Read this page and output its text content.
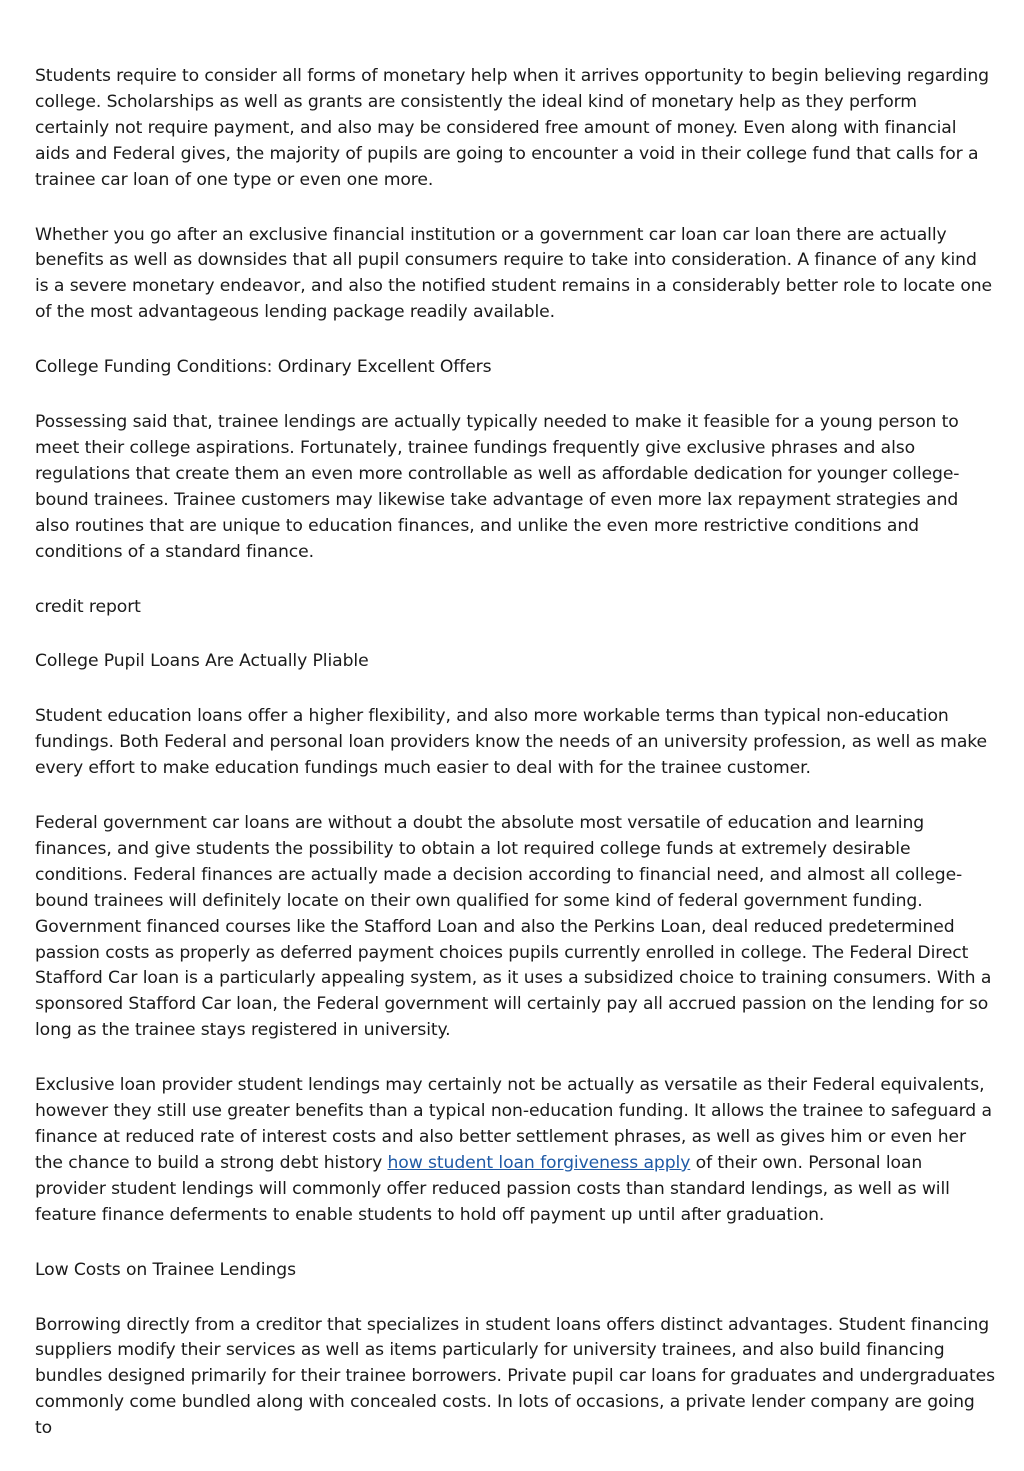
Students require to consider all forms of monetary help when it arrives opportunity to begin believing regarding college. Scholarships as well as grants are consistently the ideal kind of monetary help as they perform certainly not require payment, and also may be considered free amount of money. Even along with financial aids and Federal gives, the majority of pupils are going to encounter a void in their college fund that calls for a trainee car loan of one type or even one more.

Whether you go after an exclusive financial institution or a government car loan car loan there are actually benefits as well as downsides that all pupil consumers require to take into consideration. A finance of any kind is a severe monetary endeavor, and also the notified student remains in a considerably better role to locate one of the most advantageous lending package readily available.

College Funding Conditions: Ordinary Excellent Offers

Possessing said that, trainee lendings are actually typically needed to make it feasible for a young person to meet their college aspirations. Fortunately, trainee fundings frequently give exclusive phrases and also regulations that create them an even more controllable as well as affordable dedication for younger college-bound trainees. Trainee customers may likewise take advantage of even more lax repayment strategies and also routines that are unique to education finances, and unlike the even more restrictive conditions and conditions of a standard finance.

credit report

College Pupil Loans Are Actually Pliable

Student education loans offer a higher flexibility, and also more workable terms than typical non-education fundings. Both Federal and personal loan providers know the needs of an university profession, as well as make every effort to make education fundings much easier to deal with for the trainee customer.

Federal government car loans are without a doubt the absolute most versatile of education and learning finances, and give students the possibility to obtain a lot required college funds at extremely desirable conditions. Federal finances are actually made a decision according to financial need, and almost all college-bound trainees will definitely locate on their own qualified for some kind of federal government funding. Government financed courses like the Stafford Loan and also the Perkins Loan, deal reduced predetermined passion costs as properly as deferred payment choices pupils currently enrolled in college. The Federal Direct Stafford Car loan is a particularly appealing system, as it uses a subsidized choice to training consumers. With a sponsored Stafford Car loan, the Federal government will certainly pay all accrued passion on the lending for so long as the trainee stays registered in university.

Exclusive loan provider student lendings may certainly not be actually as versatile as their Federal equivalents, however they still use greater benefits than a typical non-education funding. It allows the trainee to safeguard a finance at reduced rate of interest costs and also better settlement phrases, as well as gives him or even her the chance to build a strong debt history how student loan forgiveness apply of their own. Personal loan provider student lendings will commonly offer reduced passion costs than standard lendings, as well as will feature finance deferments to enable students to hold off payment up until after graduation.

Low Costs on Trainee Lendings

Borrowing directly from a creditor that specializes in student loans offers distinct advantages. Student financing suppliers modify their services as well as items particularly for university trainees, and also build financing bundles designed primarily for their trainee borrowers. Private pupil car loans for graduates and undergraduates commonly come bundled along with concealed costs. In lots of occasions, a private lender company are going to
